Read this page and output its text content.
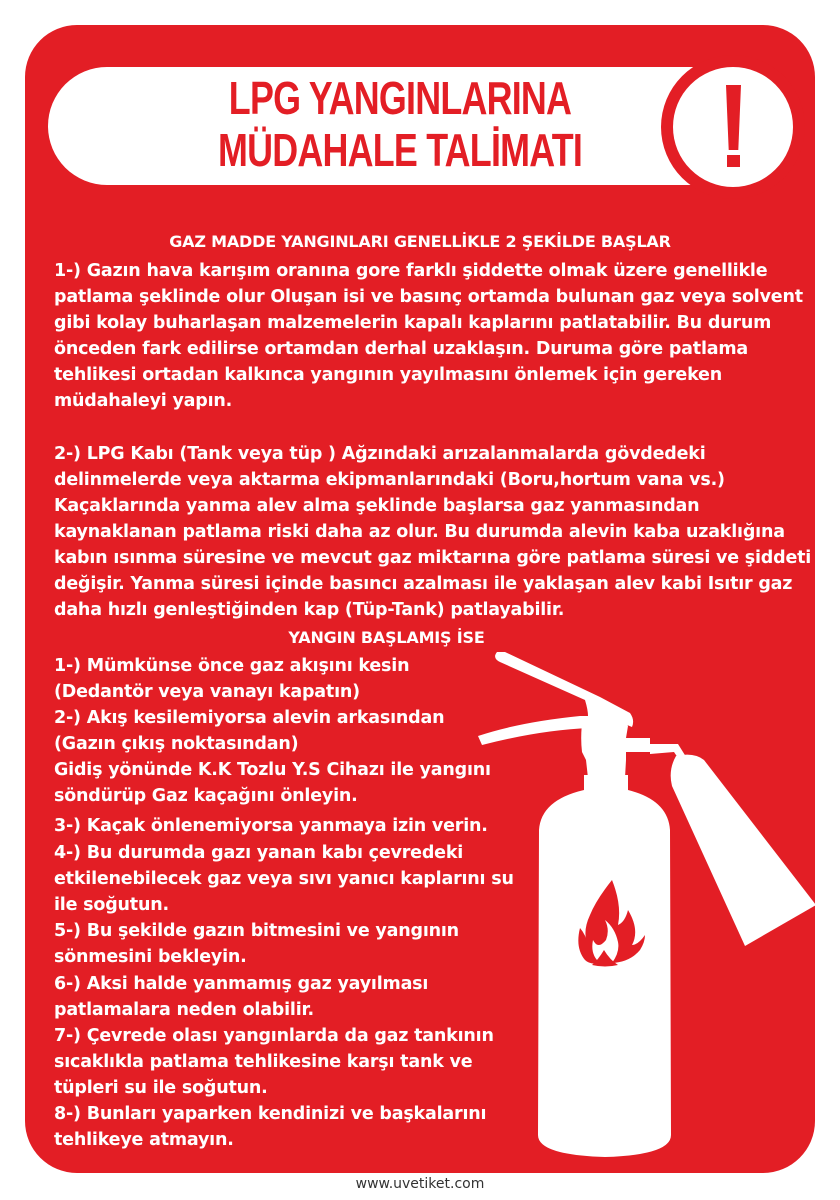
LPG YANGINLARINA
MÜDAHALE TALİMATI
GAZ MADDE YANGINLARI GENELLİKLE 2 ŞEKİLDE BAŞLAR
1-) Gazın hava karışım oranına gore farklı şiddette olmak üzere genellikle
patlama şeklinde olur Oluşan isi ve basınç ortamda bulunan gaz veya solvent
gibi kolay buharlaşan malzemelerin kapalı kaplarını patlatabilir. Bu durum
önceden fark edilirse ortamdan derhal uzaklaşın. Duruma göre patlama
tehlikesi ortadan kalkınca yangının yayılmasını önlemek için gereken
müdahaleyi yapın.
2-) LPG Kabı (Tank veya tüp ) Ağzındaki arızalanmalarda gövdedeki
delinmelerde veya aktarma ekipmanlarındaki (Boru,hortum vana vs.)
Kaçaklarında yanma alev alma şeklinde başlarsa gaz yanmasından
kaynaklanan patlama riski daha az olur. Bu durumda alevin kaba uzaklığına
kabın ısınma süresine ve mevcut gaz miktarına göre patlama süresi ve şiddeti
değişir. Yanma süresi içinde basıncı azalması ile yaklaşan alev kabi Isıtır gaz
daha hızlı genleştiğinden kap (Tüp-Tank) patlayabilir.
YANGIN BAŞLAMIŞ İSE
1-) Mümkünse önce gaz akışını kesin
(Dedantör veya vanayı kapatın)
2-) Akış kesilemiyorsa alevin arkasından
(Gazın çıkış noktasından)
Gidiş yönünde K.K Tozlu Y.S Cihazı ile yangını
söndürüp Gaz kaçağını önleyin.
3-) Kaçak önlenemiyorsa yanmaya izin verin.
4-) Bu durumda gazı yanan kabı çevredeki
etkilenebilecek gaz veya sıvı yanıcı kaplarını su
ile soğutun.
5-) Bu şekilde gazın bitmesini ve yangının
sönmesini bekleyin.
6-) Aksi halde yanmamış gaz yayılması
patlamalara neden olabilir.
7-) Çevrede olası yangınlarda da gaz tankının
sıcaklıkla patlama tehlikesine karşı tank ve
tüpleri su ile soğutun.
8-) Bunları yaparken kendinizi ve başkalarını
tehlikeye atmayın.
www.uvetiket.com
